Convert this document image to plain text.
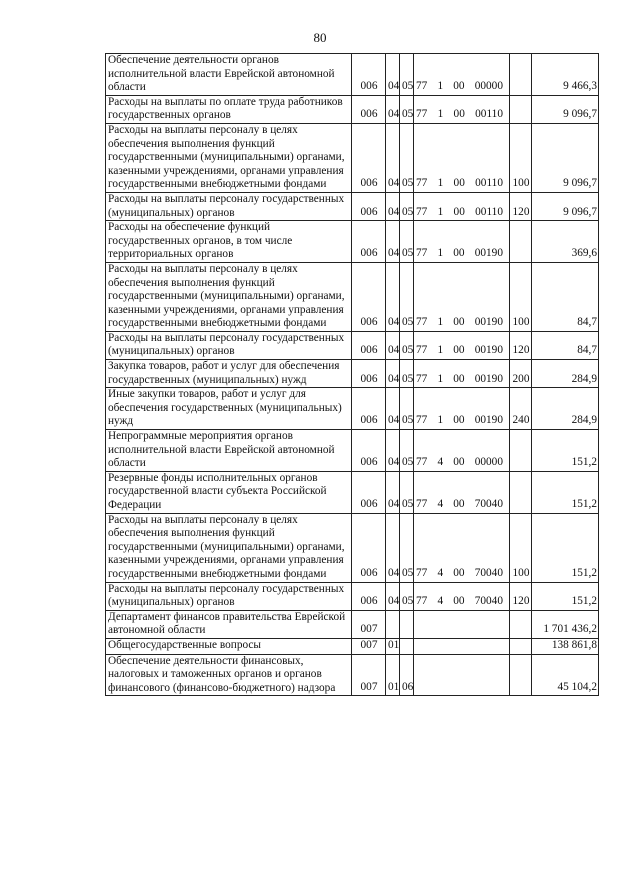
80
Обеспечение деятельности органов исполнительной власти Еврейской автономной области	006	04	05	77 1 00 00000		9 466,3
Расходы на выплаты по оплате труда работников государственных органов	006	04	05	77 1 00 00110		9 096,7
Расходы на выплаты персоналу в целях обеспечения выполнения функций государственными (муниципальными) органами, казенными учреждениями, органами управления государственными внебюджетными фондами	006	04	05	77 1 00 00110	100	9 096,7
Расходы на выплаты персоналу государственных (муниципальных) органов	006	04	05	77 1 00 00110	120	9 096,7
Расходы на обеспечение функций государственных органов, в том числе территориальных органов	006	04	05	77 1 00 00190		369,6
Расходы на выплаты персоналу в целях обеспечения выполнения функций государственными (муниципальными) органами, казенными учреждениями, органами управления государственными внебюджетными фондами	006	04	05	77 1 00 00190	100	84,7
Расходы на выплаты персоналу государственных (муниципальных) органов	006	04	05	77 1 00 00190	120	84,7
Закупка товаров, работ и услуг для обеспечения государственных (муниципальных) нужд	006	04	05	77 1 00 00190	200	284,9
Иные закупки товаров, работ и услуг для обеспечения государственных (муниципальных) нужд	006	04	05	77 1 00 00190	240	284,9
Непрограммные мероприятия органов исполнительной власти Еврейской автономной области	006	04	05	77 4 00 00000		151,2
Резервные фонды исполнительных органов государственной власти субъекта Российской Федерации	006	04	05	77 4 00 70040		151,2
Расходы на выплаты персоналу в целях обеспечения выполнения функций государственными (муниципальными) органами, казенными учреждениями, органами управления государственными внебюджетными фондами	006	04	05	77 4 00 70040	100	151,2
Расходы на выплаты персоналу государственных (муниципальных) органов	006	04	05	77 4 00 70040	120	151,2
Департамент финансов правительства Еврейской автономной области	007					1 701 436,2
Общегосударственные вопросы	007	01				138 861,8
Обеспечение деятельности финансовых, налоговых и таможенных органов и органов финансового (финансово-бюджетного) надзора	007	01	06			45 104,2
